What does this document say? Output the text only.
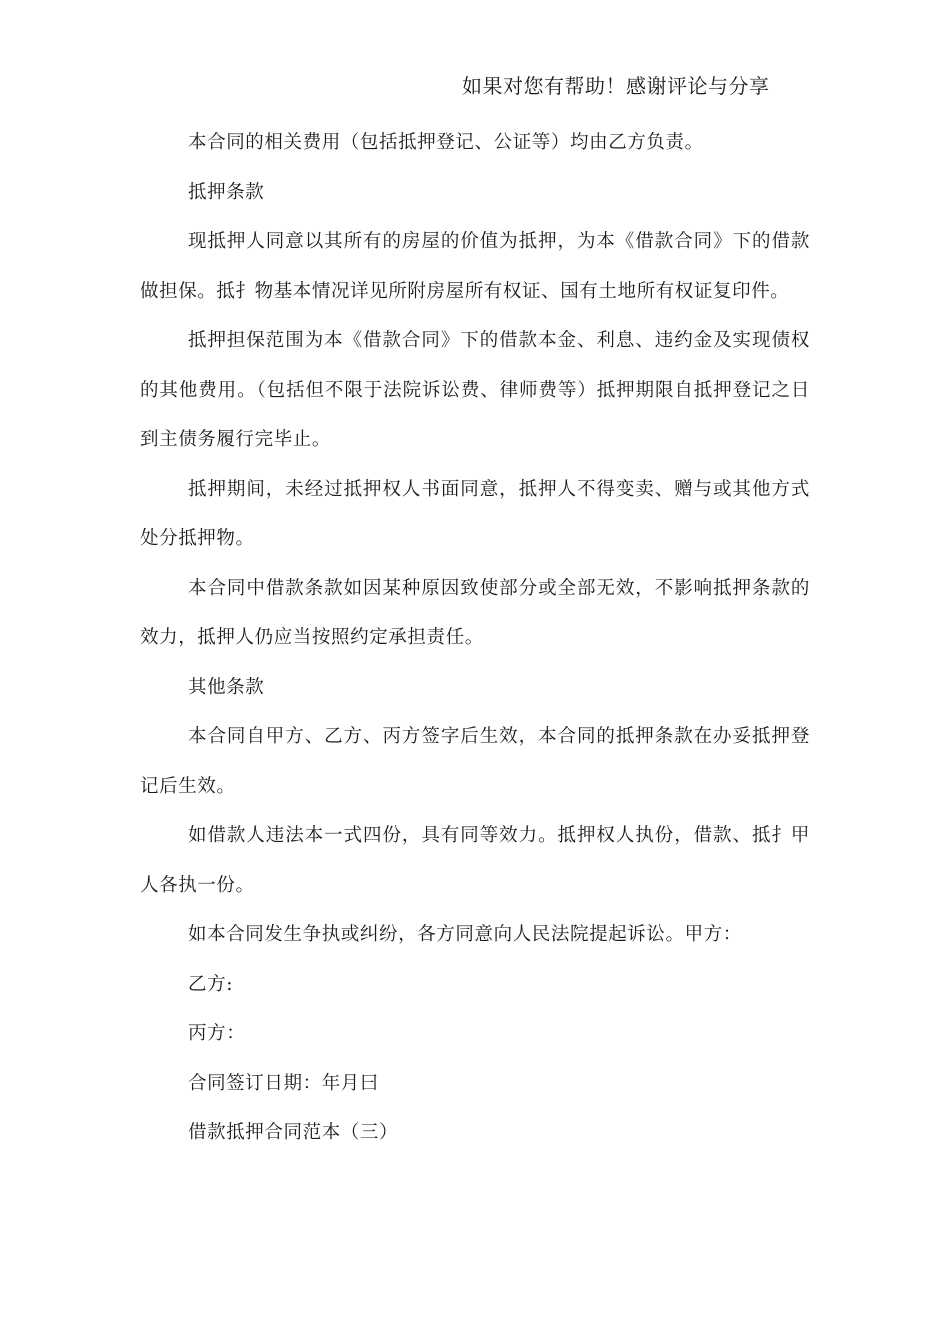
如果对您有帮助！感谢评论与分享

本合同的相关费用（包括抵押登记、公证等）均由乙方负责。

抵押条款

现抵押人同意以其所有的房屋的价值为抵押，为本《借款合同》下的借款做担保。抵扌物基本情况详见所附房屋所有权证、国有土地所有权证复印件。

抵押担保范围为本《借款合同》下的借款本金、利息、违约金及实现债权的其他费用。（包括但不限于法院诉讼费、律师费等）抵押期限自抵押登记之日到主债务履行完毕止。

抵押期间，未经过抵押权人书面同意，抵押人不得变卖、赠与或其他方式处分抵押物。

本合同中借款条款如因某种原因致使部分或全部无效，不影响抵押条款的效力，抵押人仍应当按照约定承担责任。

其他条款

本合同自甲方、乙方、丙方签字后生效，本合同的抵押条款在办妥抵押登记后生效。

如借款人违法本一式四份，具有同等效力。抵押权人执份，借款、抵扌甲人各执一份。

如本合同发生争执或纠纷，各方同意向人民法院提起诉讼。甲方：

乙方:

丙方：

合同签订日期：年月曰

借款抵押合同范本（三）
